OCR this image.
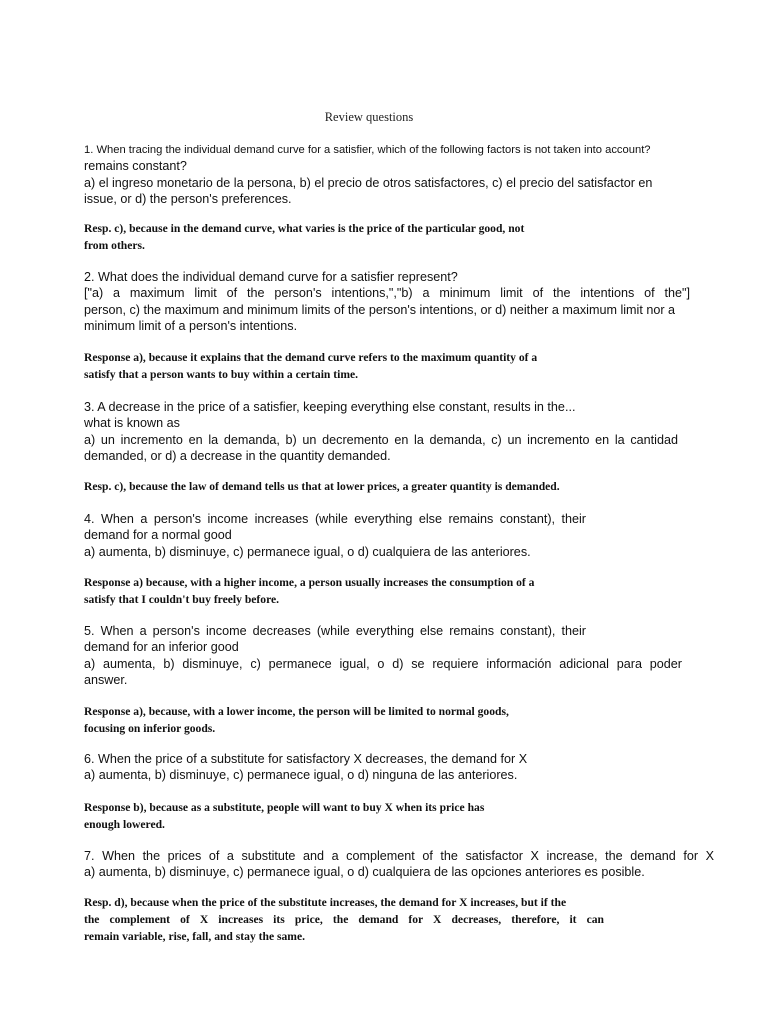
Review questions

1. When tracing the individual demand curve for a satisfier, which of the following factors is not taken into account?
remains constant?
a) el ingreso monetario de la persona, b) el precio de otros satisfactores, c) el precio del satisfactor en
issue, or d) the person's preferences.

Resp. c), because in the demand curve, what varies is the price of the particular good, not
from others.

2. What does the individual demand curve for a satisfier represent?
["a) a maximum limit of the person's intentions,","b) a minimum limit of the intentions of the"]
person, c) the maximum and minimum limits of the person's intentions, or d) neither a maximum limit nor a
minimum limit of a person's intentions.

Response a), because it explains that the demand curve refers to the maximum quantity of a
satisfy that a person wants to buy within a certain time.

3. A decrease in the price of a satisfier, keeping everything else constant, results in the...
what is known as
a) un incremento en la demanda, b) un decremento en la demanda, c) un incremento en la cantidad
demanded, or d) a decrease in the quantity demanded.

Resp. c), because the law of demand tells us that at lower prices, a greater quantity is demanded.

4. When a person's income increases (while everything else remains constant), their
demand for a normal good
a) aumenta, b) disminuye, c) permanece igual, o d) cualquiera de las anteriores.

Response a) because, with a higher income, a person usually increases the consumption of a
satisfy that I couldn't buy freely before.

5. When a person's income decreases (while everything else remains constant), their
demand for an inferior good
a) aumenta, b) disminuye, c) permanece igual, o d) se requiere información adicional para poder
answer.

Response a), because, with a lower income, the person will be limited to normal goods,
focusing on inferior goods.

6. When the price of a substitute for satisfactory X decreases, the demand for X
a) aumenta, b) disminuye, c) permanece igual, o d) ninguna de las anteriores.

Response b), because as a substitute, people will want to buy X when its price has
enough lowered.

7. When the prices of a substitute and a complement of the satisfactor X increase, the demand for X
a) aumenta, b) disminuye, c) permanece igual, o d) cualquiera de las opciones anteriores es posible.

Resp. d), because when the price of the substitute increases, the demand for X increases, but if the
the complement of X increases its price, the demand for X decreases, therefore, it can
remain variable, rise, fall, and stay the same.
